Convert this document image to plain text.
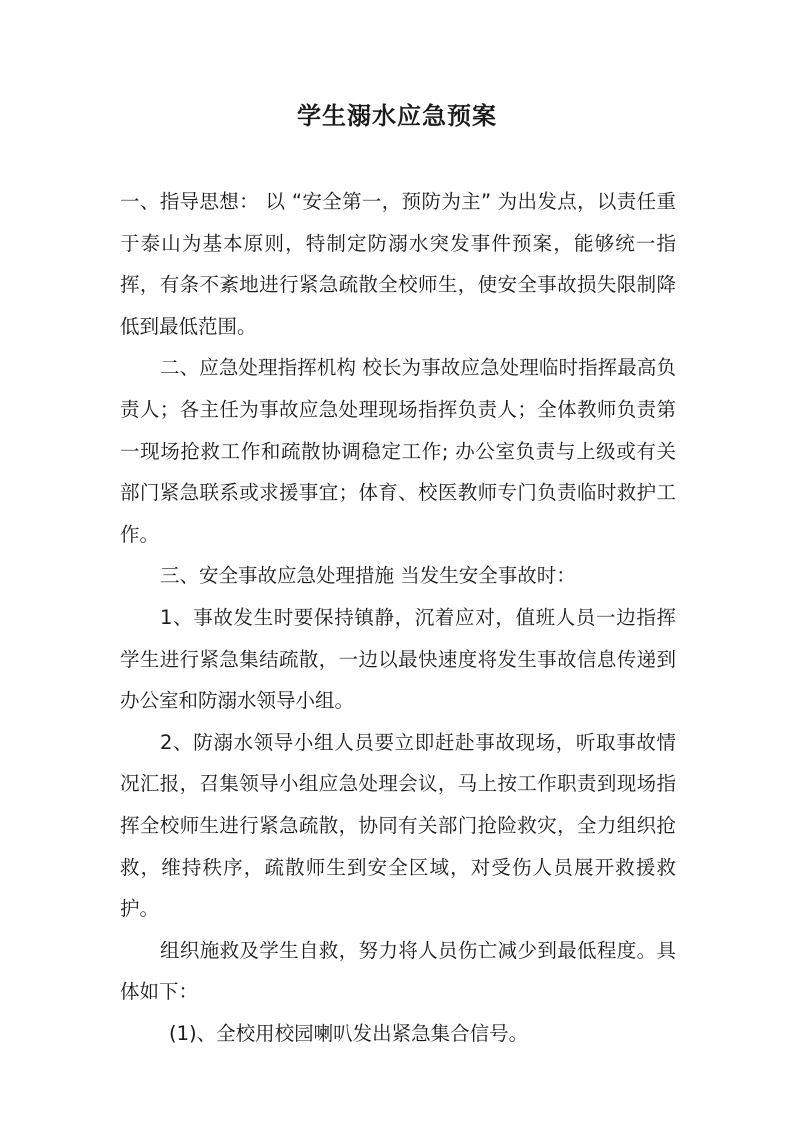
学生溺水应急预案

一、指导思想： 以 “安全第一，预防为主” 为出发点，以责任重于泰山为基本原则，特制定防溺水突发事件预案，能够统一指挥，有条不紊地进行紧急疏散全校师生，使安全事故损失限制降低到最低范围。

二、应急处理指挥机构 校长为事故应急处理临时指挥最高负责人；各主任为事故应急处理现场指挥负责人；全体教师负责第一现场抢救工作和疏散协调稳定工作; 办公室负责与上级或有关部门紧急联系或求援事宜；体育、校医教师专门负责临时救护工作。

三、安全事故应急处理措施 当发生安全事故时：

1、事故发生时要保持镇静，沉着应对，值班人员一边指挥学生进行紧急集结疏散，一边以最快速度将发生事故信息传递到办公室和防溺水领导小组。

2、防溺水领导小组人员要立即赶赴事故现场，听取事故情况汇报，召集领导小组应急处理会议，马上按工作职责到现场指挥全校师生进行紧急疏散，协同有关部门抢险救灾，全力组织抢救，维持秩序，疏散师生到安全区域，对受伤人员展开救援救护。

组织施救及学生自救，努力将人员伤亡减少到最低程度。具体如下：

(1)、全校用校园喇叭发出紧急集合信号。
